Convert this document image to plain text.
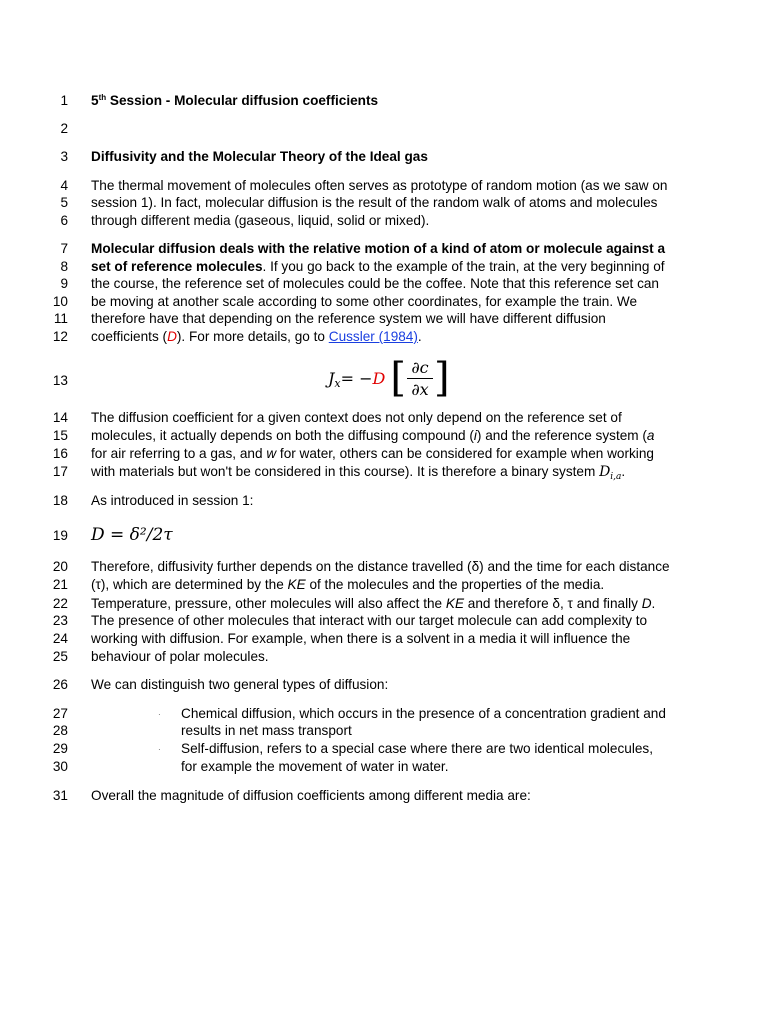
1
2
3
4
5
6
7
8
9
10
11
12
13
14
15
16
17
18
19
20
21
22
23
24
25
26
27
28
29
30
31
5th Session - Molecular diffusion coefficients
Diffusivity and the Molecular Theory of the Ideal gas
The thermal movement of molecules often serves as prototype of random motion (as we saw on
session 1). In fact, molecular diffusion is the result of the random walk of atoms and molecules
through different media (gaseous, liquid, solid or mixed).
Molecular diffusion deals with the relative motion of a kind of atom or molecule against a
set of reference molecules. If you go back to the example of the train, at the very beginning of
the course, the reference set of molecules could be the coffee. Note that this reference set can
be moving at another scale according to some other coordinates, for example the train. We
therefore have that depending on the reference system we will have different diffusion
coefficients (D). For more details, go to Cussler (1984).
J x = − D [ ∂c
∂x ]
The diffusion coefficient for a given context does not only depend on the reference set of
molecules, it actually depends on both the diffusing compound (i) and the reference system (a
for air referring to a gas, and w for water, others can be considered for example when working
with materials but won't be considered in this course). It is therefore a binary system $D_{i,a}$.
As introduced in session 1:
D = δ²/2τ
Therefore, diffusivity further depends on the distance travelled (δ) and the time for each distance
(τ), which are determined by the KE of the molecules and the properties of the media.
Temperature, pressure, other molecules will also affect the KE and therefore δ, τ and finally D.
The presence of other molecules that interact with our target molecule can add complexity to
working with diffusion. For example, when there is a solvent in a media it will influence the
behaviour of polar molecules.
We can distinguish two general types of diffusion:
· Chemical diffusion, which occurs in the presence of a concentration gradient and
results in net mass transport
· Self-diffusion, refers to a special case where there are two identical molecules,
for example the movement of water in water.
Overall the magnitude of diffusion coefficients among different media are:
